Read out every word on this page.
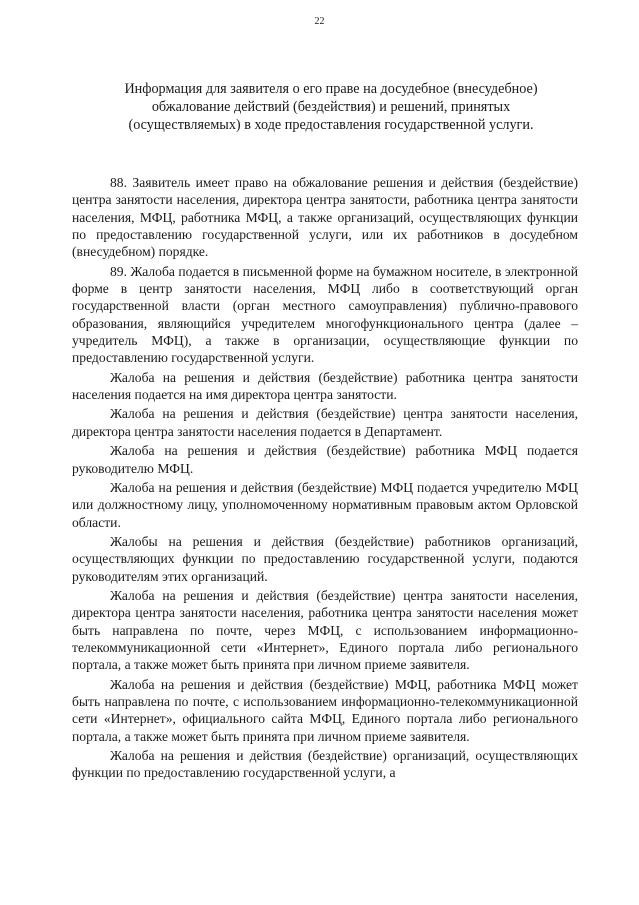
22
Информация для заявителя о его праве на досудебное (внесудебное) обжалование действий (бездействия) и решений, принятых (осуществляемых) в ходе предоставления государственной услуги.

88. Заявитель имеет право на обжалование решения и действия (бездействие) центра занятости населения, директора центра занятости, работника центра занятости населения, МФЦ, работника МФЦ, а также организаций, осуществляющих функции по предоставлению государственной услуги, или их работников в досудебном (внесудебном) порядке.

89. Жалоба подается в письменной форме на бумажном носителе, в электронной форме в центр занятости населения, МФЦ либо в соответствующий орган государственной власти (орган местного самоуправления) публично-правового образования, являющийся учредителем многофункционального центра (далее – учредитель МФЦ), а также в организации, осуществляющие функции по предоставлению государственной услуги.

Жалоба на решения и действия (бездействие) работника центра занятости населения подается на имя директора центра занятости.

Жалоба на решения и действия (бездействие) центра занятости населения, директора центра занятости населения подается в Департамент.

Жалоба на решения и действия (бездействие) работника МФЦ подается руководителю МФЦ.

Жалоба на решения и действия (бездействие) МФЦ подается учредителю МФЦ или должностному лицу, уполномоченному нормативным правовым актом Орловской области.

Жалобы на решения и действия (бездействие) работников организаций, осуществляющих функции по предоставлению государственной услуги, подаются руководителям этих организаций.

Жалоба на решения и действия (бездействие) центра занятости населения, директора центра занятости населения, работника центра занятости населения может быть направлена по почте, через МФЦ, с использованием информационно-телекоммуникационной сети «Интернет», Единого портала либо регионального портала, а также может быть принята при личном приеме заявителя.

Жалоба на решения и действия (бездействие) МФЦ, работника МФЦ может быть направлена по почте, с использованием информационно-телекоммуникационной сети «Интернет», официального сайта МФЦ, Единого портала либо регионального портала, а также может быть принята при личном приеме заявителя.

Жалоба на решения и действия (бездействие) организаций, осуществляющих функции по предоставлению государственной услуги, а
